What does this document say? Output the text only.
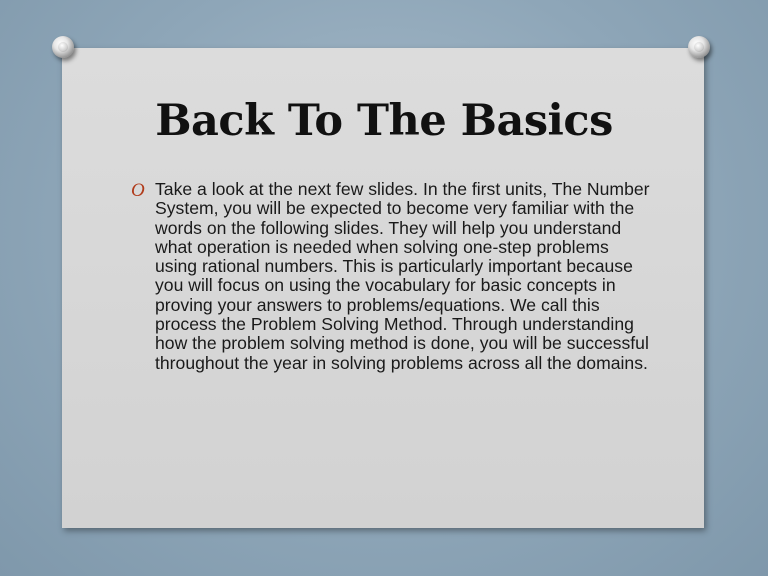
Back To The Basics
O Take a look at the next few slides. In the first units, The Number System, you will be expected to become very familiar with the words on the following slides. They will help you understand what operation is needed when solving one-step problems using rational numbers. This is particularly important because you will focus on using the vocabulary for basic concepts in proving your answers to problems/equations. We call this process the Problem Solving Method. Through understanding how the problem solving method is done, you will be successful throughout the year in solving problems across all the domains.
